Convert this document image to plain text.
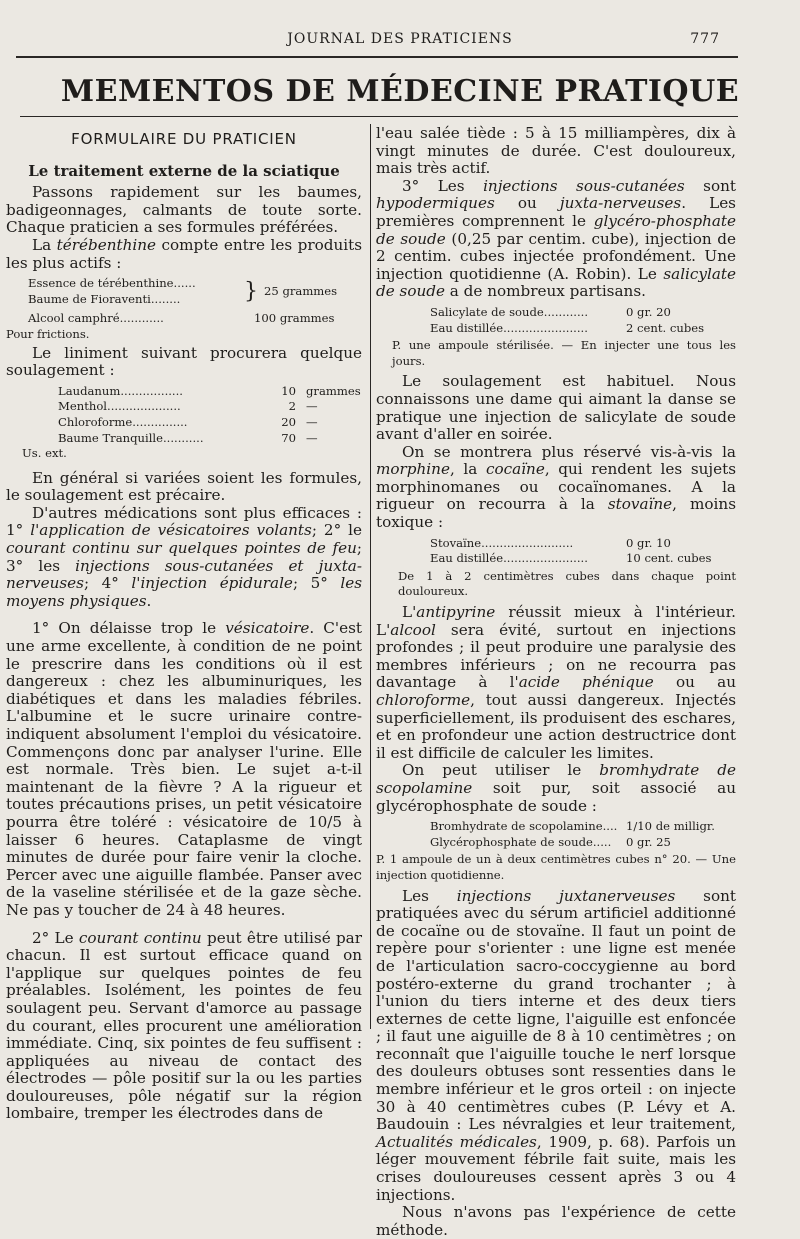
JOURNAL DES PRATICIENS	777
MEMENTOS DE MÉDECINE PRATIQUE
FORMULAIRE DU PRATICIEN
Le traitement externe de la sciatique

Passons rapidement sur les baumes, badigeonnages, calmants de toute sorte. Chaque praticien a ses formules préférées.

La térébenthine compte entre les produits les plus actifs :

Essence de térébenthine......
Baume de Fioraventi........	} 25 grammes
Alcool camphré............	100 grammes
Pour frictions.

Le liniment suivant procurera quelque soulagement :

Laudanum.................	10 grammes
Menthol....................	2 —
Chloroforme...............	20 —
Baume Tranquille...........	70 —
Us. ext.

En général si variées soient les formules, le soulagement est précaire.

D'autres médications sont plus efficaces : 1° l'application de vésicatoires volants; 2° le courant continu sur quelques pointes de feu; 3° les injections sous-cutanées et juxta-nerveuses; 4° l'injection épidurale; 5° les moyens physiques.

1° On délaisse trop le vésicatoire. C'est une arme excellente, à condition de ne point le prescrire dans les conditions où il est dangereux : chez les albuminuriques, les diabétiques et dans les maladies fébriles. L'albumine et le sucre urinaire contre-indiquent absolument l'emploi du vésicatoire. Commençons donc par analyser l'urine. Elle est normale. Très bien. Le sujet a-t-il maintenant de la fièvre ? A la rigueur et toutes précautions prises, un petit vésicatoire pourra être toléré : vésicatoire de 10/5 à laisser 6 heures. Cataplasme de vingt minutes de durée pour faire venir la cloche. Percer avec une aiguille flambée. Panser avec de la vaseline stérilisée et de la gaze sèche. Ne pas y toucher de 24 à 48 heures.

2° Le courant continu peut être utilisé par chacun. Il est surtout efficace quand on l'applique sur quelques pointes de feu préalables. Isolément, les pointes de feu soulagent peu. Servant d'amorce au passage du courant, elles procurent une amélioration immédiate. Cinq, six pointes de feu suffisent : appliquées au niveau de contact des électrodes — pôle positif sur la ou les parties douloureuses, pôle négatif sur la région lombaire, tremper les électrodes dans de

l'eau salée tiède : 5 à 15 milliampères, dix à vingt minutes de durée. C'est douloureux, mais très actif.

3° Les injections sous-cutanées sont hypodermiques ou juxta-nerveuses. Les premières comprennent le glycéro-phosphate de soude (0,25 par centim. cube), injection de 2 centim. cubes injectée profondément. Une injection quotidienne (A. Robin). Le salicylate de soude a de nombreux partisans.

Salicylate de soude............	0 gr. 20
Eau distillée.......................	2 cent. cubes
P. une ampoule stérilisée. — En injecter une tous les jours.

Le soulagement est habituel. Nous connaissons une dame qui aimant la danse se pratique une injection de salicylate de soude avant d'aller en soirée.

On se montrera plus réservé vis-à-vis la morphine, la cocaïne, qui rendent les sujets morphinomanes ou cocaïnomanes. A la rigueur on recourra à la stovaïne, moins toxique :

Stovaïne.........................	0 gr. 10
Eau distillée.......................	10 cent. cubes
De 1 à 2 centimètres cubes dans chaque point douloureux.

L'antipyrine réussit mieux à l'intérieur. L'alcool sera évité, surtout en injections profondes ; il peut produire une paralysie des membres inférieurs ; on ne recourra pas davantage à l'acide phénique ou au chloroforme, tout aussi dangereux. Injectés superficiellement, ils produisent des eschares, et en profondeur une action destructrice dont il est difficile de calculer les limites.

On peut utiliser le bromhydrate de scopolamine soit pur, soit associé au glycérophosphate de soude :

Bromhydrate de scopolamine.... 1/10 de milligr.
Glycérophosphate de soude.....	0 gr. 25
P. 1 ampoule de un à deux centimètres cubes n° 20. — Une injection quotidienne.

Les injections juxtanerveuses sont pratiquées avec du sérum artificiel additionné de cocaïne ou de stovaïne. Il faut un point de repère pour s'orienter : une ligne est menée de l'articulation sacro-coccygienne au bord postéro-externe du grand trochanter ; à l'union du tiers interne et des deux tiers externes de cette ligne, l'aiguille est enfoncée ; il faut une aiguille de 8 à 10 centimètres ; on reconnaît que l'aiguille touche le nerf lorsque des douleurs obtuses sont ressenties dans le membre inférieur et le gros orteil : on injecte 30 à 40 centimètres cubes (P. Lévy et A. Baudouin : Les névralgies et leur traitement, Actualités médicales, 1909, p. 68). Parfois un léger mouvement fébrile fait suite, mais les crises douloureuses cessent après 3 ou 4 injections.

Nous n'avons pas l'expérience de cette méthode.
